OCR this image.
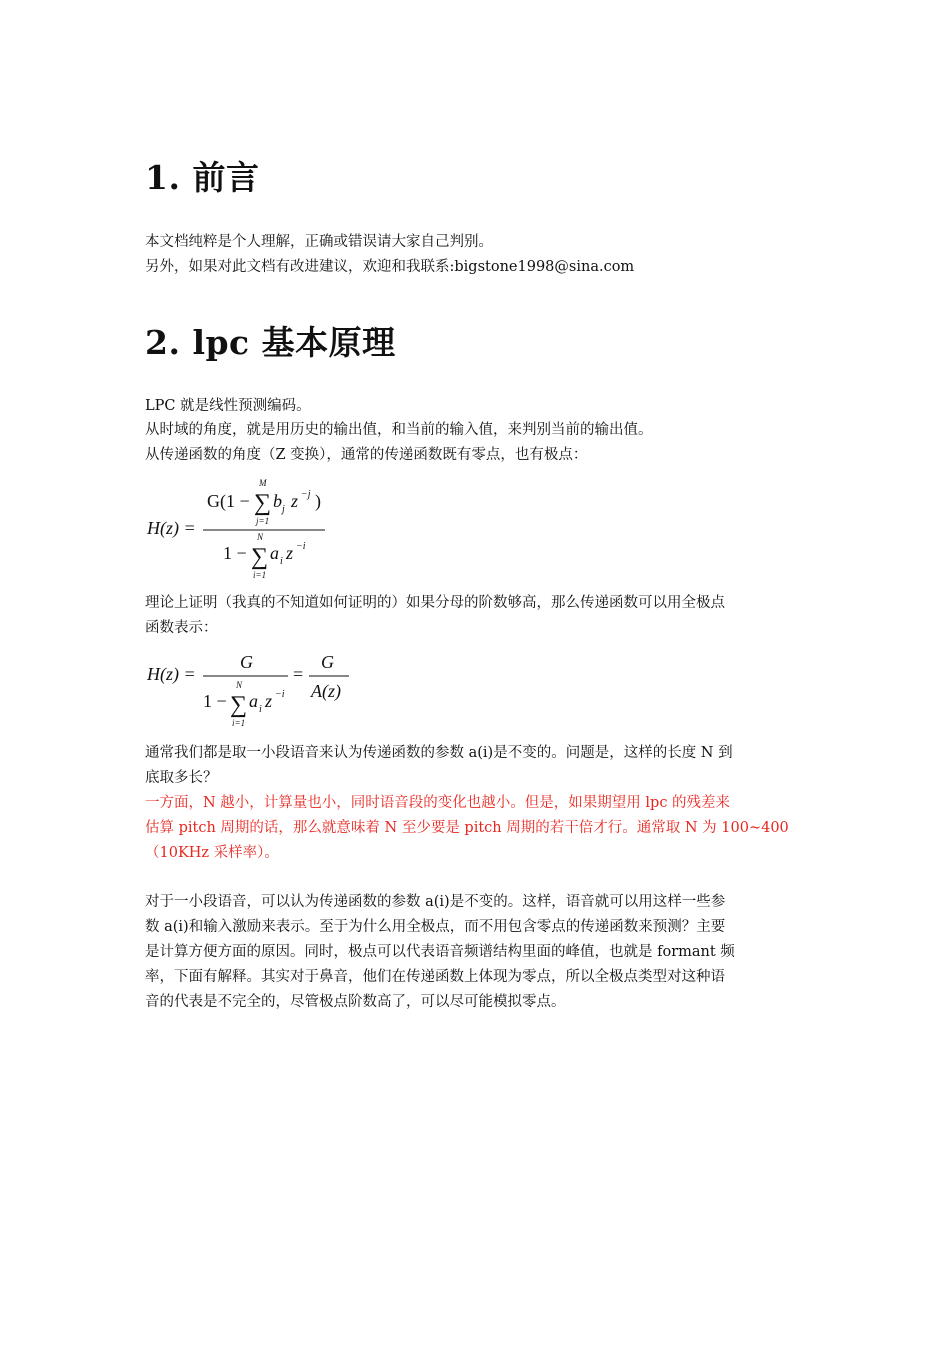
1. 前言
本文档纯粹是个人理解，正确或错误请大家自己判别。
另外，如果对此文档有改进建议，欢迎和我联系:bigstone1998@sina.com
2. lpc 基本原理
LPC 就是线性预测编码。
从时域的角度，就是用历史的输出值，和当前的输入值，来判别当前的输出值。
从传递函数的角度（Z 变换），通常的传递函数既有零点，也有极点：
H(z) =
G(1 −
M
∑
j=1
b j z −j )
1 −
N
∑
i=1
a i z −i
理论上证明（我真的不知道如何证明的）如果分母的阶数够高，那么传递函数可以用全极点
函数表示：
H(z) =
G
1 −
N
∑
i=1
a i z −i
=
G
A(z)
通常我们都是取一小段语音来认为传递函数的参数 a(i)是不变的。问题是，这样的长度 N 到
底取多长？
一方面，N 越小，计算量也小，同时语音段的变化也越小。但是，如果期望用 lpc 的残差来
估算 pitch 周期的话，那么就意味着 N 至少要是 pitch 周期的若干倍才行。通常取 N 为 100~400
（10KHz 采样率）。
对于一小段语音，可以认为传递函数的参数 a(i)是不变的。这样，语音就可以用这样一些参
数 a(i)和输入激励来表示。至于为什么用全极点，而不用包含零点的传递函数来预测？主要
是计算方便方面的原因。同时，极点可以代表语音频谱结构里面的峰值，也就是 formant 频
率，下面有解释。其实对于鼻音，他们在传递函数上体现为零点，所以全极点类型对这种语
音的代表是不完全的，尽管极点阶数高了，可以尽可能模拟零点。
